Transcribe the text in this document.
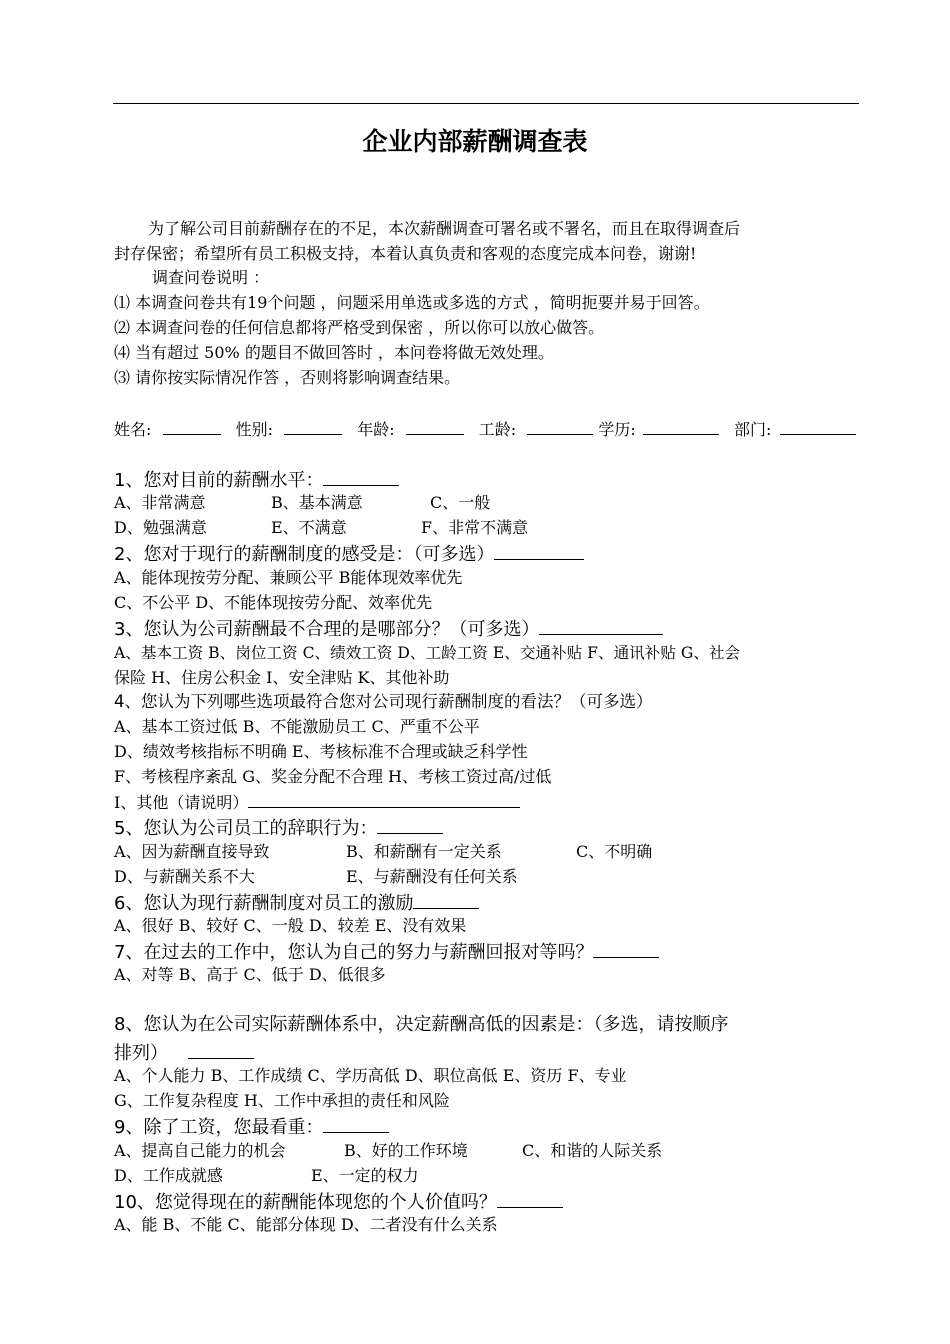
企业内部薪酬调查表
为了解公司目前薪酬存在的不足，本次薪酬调查可署名或不署名，而且在取得调查后
封存保密；希望所有员工积极支持，本着认真负责和客观的态度完成本问卷，谢谢!
调查问卷说明 ：
⑴ 本调查问卷共有19个问题 ，问题采用单选或多选的方式 ，简明扼要并易于回答。
⑵ 本调查问卷的任何信息都将严格受到保密 ，所以你可以放心做答。
⑷ 当有超过 50% 的题目不做回答时 ，本问卷将做无效处理。
⑶ 请你按实际情况作答 ，否则将影响调查结果。
姓名:	性别:	年龄:	工龄:	学历:	部门:
1、您对目前的薪酬水平：
A、非常满意	B、基本满意	C、一般
D、勉强满意	E、不满意	F、非常不满意
2、您对于现行的薪酬制度的感受是：（可多选）
A、能体现按劳分配、兼顾公平 B能体现效率优先
C、不公平 D、不能体现按劳分配、效率优先
3、您认为公司薪酬最不合理的是哪部分？（可多选）
A、基本工资 B、岗位工资 C、绩效工资 D、工龄工资 E、交通补贴 F、通讯补贴 G、社会
保险 H、住房公积金 I、安全津贴 K、其他补助
4、您认为下列哪些选项最符合您对公司现行薪酬制度的看法？（可多选）
A、基本工资过低 B、不能激励员工 C、严重不公平
D、绩效考核指标不明确 E、考核标准不合理或缺乏科学性
F、考核程序紊乱 G、奖金分配不合理 H、考核工资过高/过低
I、其他（请说明）
5、您认为公司员工的辞职行为：
A、因为薪酬直接导致	B、和薪酬有一定关系	C、不明确
D、与薪酬关系不大	E、与薪酬没有任何关系
6、您认为现行薪酬制度对员工的激励
A、很好 B、较好 C、一般 D、较差 E、没有效果
7、在过去的工作中，您认为自己的努力与薪酬回报对等吗？
A、对等 B、高于 C、低于 D、低很多
8、您认为在公司实际薪酬体系中，决定薪酬高低的因素是：（多选，请按顺序
排列）
A、个人能力 B、工作成绩 C、学历高低 D、职位高低 E、资历 F、专业
G、工作复杂程度 H、工作中承担的责任和风险
9、除了工资，您最看重：
A、提高自己能力的机会	B、好的工作环境	C、和谐的人际关系
D、工作成就感	E、一定的权力
10、您觉得现在的薪酬能体现您的个人价值吗？
A、能 B、不能 C、能部分体现 D、二者没有什么关系
